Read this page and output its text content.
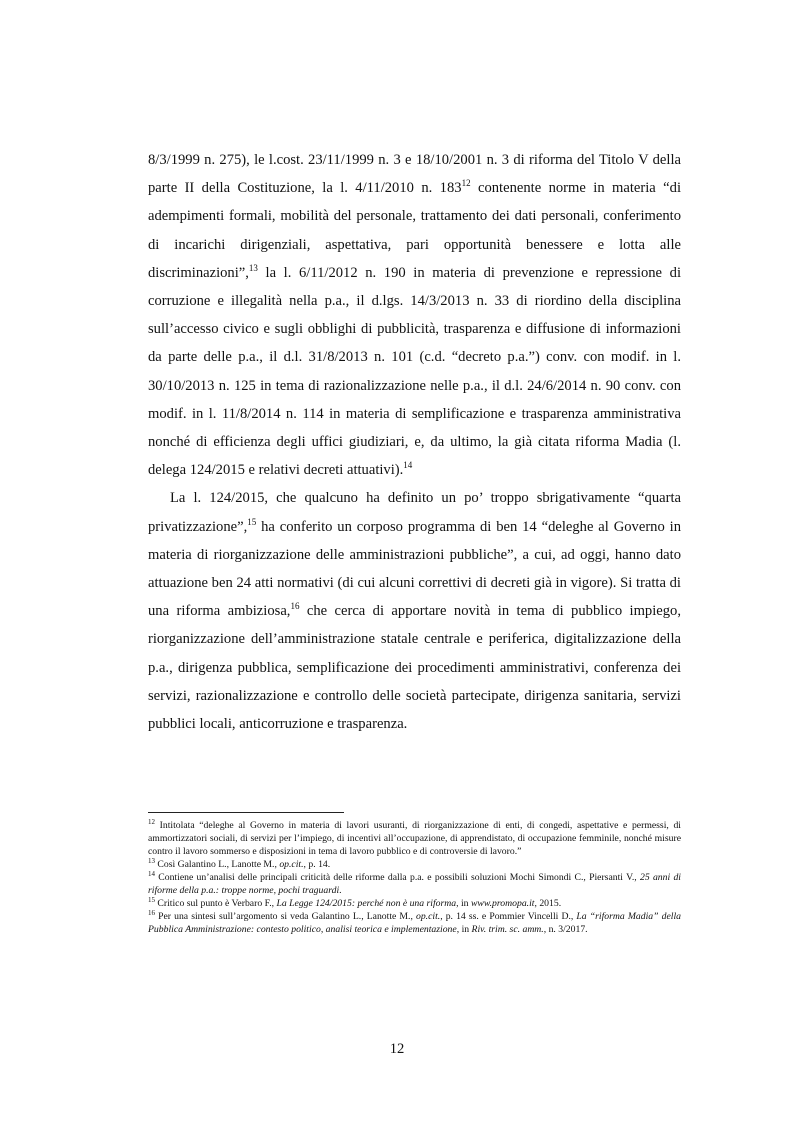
8/3/1999 n. 275), le l.cost. 23/11/1999 n. 3 e 18/10/2001 n. 3 di riforma del Titolo V della parte II della Costituzione, la l. 4/11/2010 n. $183^{12}$ contenente norme in materia “di adempimenti formali, mobilità del personale, trattamento dei dati personali, conferimento di incarichi dirigenziali, aspettativa, pari opportunità benessere e lotta alle discriminazioni”,$^{13}$ la l. 6/11/2012 n. 190 in materia di prevenzione e repressione di corruzione e illegalità nella p.a., il d.lgs. 14/3/2013 n. 33 di riordino della disciplina sull’accesso civico e sugli obblighi di pubblicità, trasparenza e diffusione di informazioni da parte delle p.a., il d.l. 31/8/2013 n. 101 (c.d. “decreto p.a.”) conv. con modif. in l. 30/10/2013 n. 125 in tema di razionalizzazione nelle p.a., il d.l. 24/6/2014 n. 90 conv. con modif. in l. 11/8/2014 n. 114 in materia di semplificazione e trasparenza amministrativa nonché di efficienza degli uffici giudiziari, e, da ultimo, la già citata riforma Madia (l. delega 124/2015 e relativi decreti attuativi).$^{14}$

La l. 124/2015, che qualcuno ha definito un po’ troppo sbrigativamente “quarta privatizzazione”,$^{15}$ ha conferito un corposo programma di ben 14 “deleghe al Governo in materia di riorganizzazione delle amministrazioni pubbliche”, a cui, ad oggi, hanno dato attuazione ben 24 atti normativi (di cui alcuni correttivi di decreti già in vigore). Si tratta di una riforma ambiziosa,$^{16}$ che cerca di apportare novità in tema di pubblico impiego, riorganizzazione dell’amministrazione statale centrale e periferica, digitalizzazione della p.a., dirigenza pubblica, semplificazione dei procedimenti amministrativi, conferenza dei servizi, razionalizzazione e controllo delle società partecipate, dirigenza sanitaria, servizi pubblici locali, anticorruzione e trasparenza.

$^{12}$ Intitolata “deleghe al Governo in materia di lavori usuranti, di riorganizzazione di enti, di congedi, aspettative e permessi, di ammortizzatori sociali, di servizi per l’impiego, di incentivi all’occupazione, di apprendistato, di occupazione femminile, nonché misure contro il lavoro sommerso e disposizioni in tema di lavoro pubblico e di controversie di lavoro.”

$^{13}$ Così Galantino L., Lanotte M., op.cit., p. 14.

$^{14}$ Contiene un’analisi delle principali criticità delle riforme dalla p.a. e possibili soluzioni Mochi Simondi C., Piersanti V., 25 anni di riforme della p.a.: troppe norme, pochi traguardi.

$^{15}$ Critico sul punto è Verbaro F., La Legge 124/2015: perché non è una riforma, in www.promopa.it, 2015.

$^{16}$ Per una sintesi sull’argomento si veda Galantino L., Lanotte M., op.cit., p. 14 ss. e Pommier Vincelli D., La “riforma Madia” della Pubblica Amministrazione: contesto politico, analisi teorica e implementazione, in Riv. trim. sc. amm., n. 3/2017.

12
